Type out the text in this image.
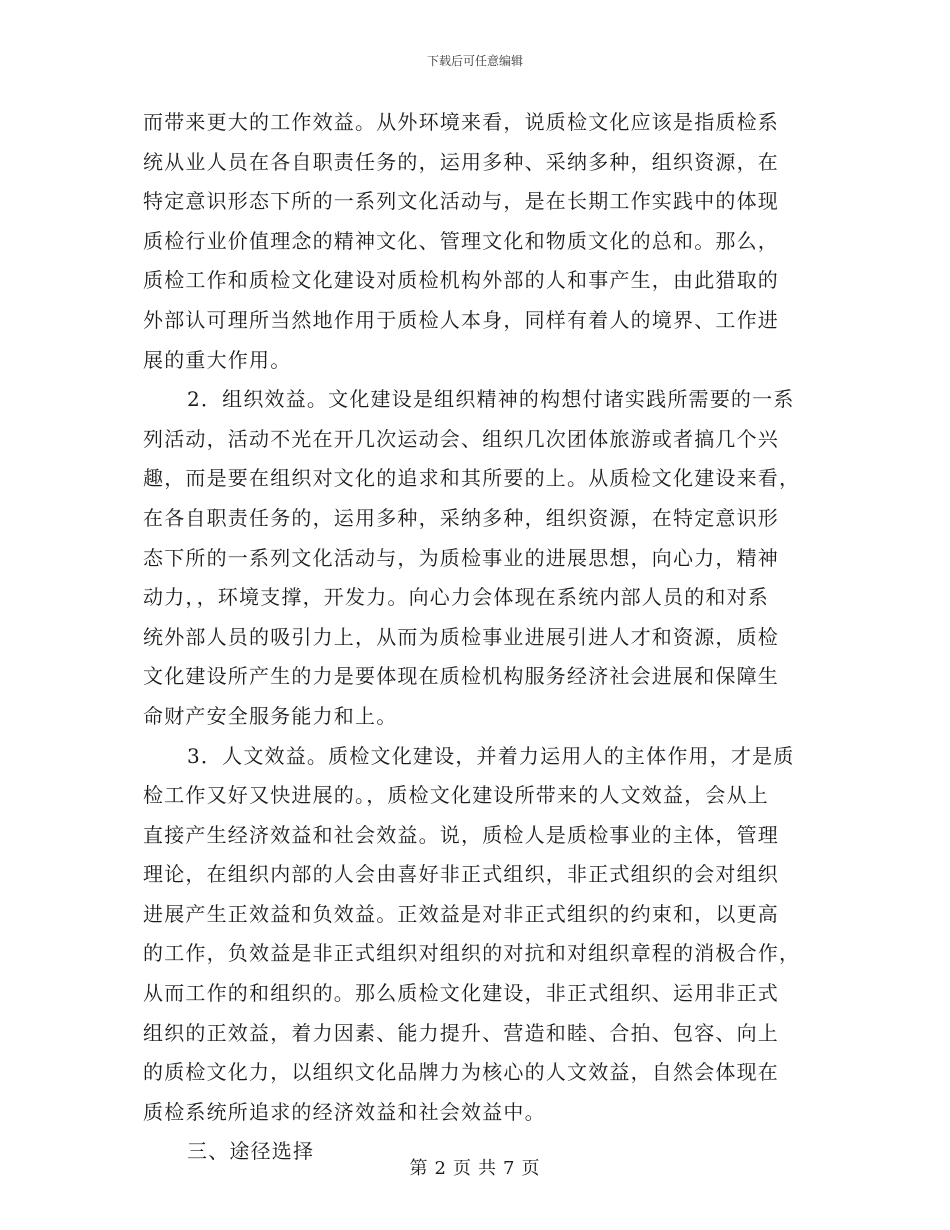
下载后可任意编辑
而带来更大的工作效益。从外环境来看，说质检文化应该是指质检系
统从业人员在各自职责任务的，运用多种、采纳多种，组织资源，在
特定意识形态下所的一系列文化活动与，是在长期工作实践中的体现
质检行业价值理念的精神文化、管理文化和物质文化的总和。那么，
质检工作和质检文化建设对质检机构外部的人和事产生，由此猎取的
外部认可理所当然地作用于质检人本身，同样有着人的境界、工作进
展的重大作用。
2．组织效益。文化建设是组织精神的构想付诸实践所需要的一系
列活动，活动不光在开几次运动会、组织几次团体旅游或者搞几个兴
趣，而是要在组织对文化的追求和其所要的上。从质检文化建设来看，
在各自职责任务的，运用多种，采纳多种，组织资源，在特定意识形
态下所的一系列文化活动与，为质检事业的进展思想，向心力，精神
动力，，环境支撑，开发力。向心力会体现在系统内部人员的和对系
统外部人员的吸引力上，从而为质检事业进展引进人才和资源，质检
文化建设所产生的力是要体现在质检机构服务经济社会进展和保障生
命财产安全服务能力和上。
3．人文效益。质检文化建设，并着力运用人的主体作用，才是质
检工作又好又快进展的。，质检文化建设所带来的人文效益，会从上
直接产生经济效益和社会效益。说，质检人是质检事业的主体，管理
理论，在组织内部的人会由喜好非正式组织，非正式组织的会对组织
进展产生正效益和负效益。正效益是对非正式组织的约束和，以更高
的工作，负效益是非正式组织对组织的对抗和对组织章程的消极合作，
从而工作的和组织的。那么质检文化建设，非正式组织、运用非正式
组织的正效益，着力因素、能力提升、营造和睦、合拍、包容、向上
的质检文化力，以组织文化品牌力为核心的人文效益，自然会体现在
质检系统所追求的经济效益和社会效益中。
三、途径选择
第 2 页 共 7 页
